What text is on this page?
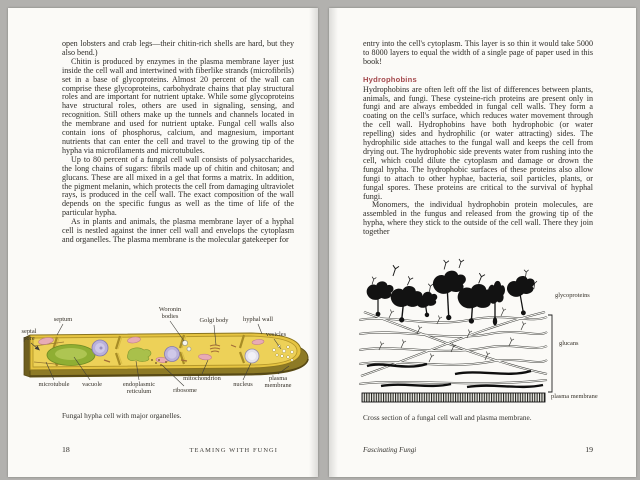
open lobsters and crab legs—their chitin-rich shells are hard, but they also bend.)

Chitin is produced by enzymes in the plasma membrane layer just inside the cell wall and intertwined with fiberlike strands (microfibrils) set in a base of glycoproteins. Almost 20 percent of the wall can comprise these glycoproteins, carbohydrate chains that play structural roles and are important for nutrient uptake. While some glycoproteins have structural roles, others are used in signaling, sensing, and recognition. Still others make up the tunnels and channels located in the membrane and used for nutrient uptake. Fungal cell walls also contain ions of phosphorus, calcium, and magnesium, important nutrients that can enter the cell and travel to the growing tip of the hypha via microfilaments and microtubules.

Up to 80 percent of a fungal cell wall consists of polysaccharides, the long chains of sugars: fibrils made up of chitin and chitosan; and glucans. These are all mixed in a gel that forms a matrix. In addition, the pigment melanin, which protects the cell from damaging ultraviolet rays, is produced in the cell wall. The exact composition of the wall depends on the specific fungus as well as the time of life of the particular hypha.

As in plants and animals, the plasma membrane layer of a hyphal cell is nestled against the inner cell wall and envelops the cytoplasm and organelles. The plasma membrane is the molecular gatekeeper for

septal pore
septum
Woronin bodies
Golgi body	hyphal wall
vesicles
microtubule	vacuole	endoplasmic reticulum	ribosome
mitochondrion
nucleus
plasma membrane
Fungal hypha cell with major organelles.
18	TEAMING WITH FUNGI

entry into the cell's cytoplasm. This layer is so thin it would take 5000 to 8000 layers to equal the width of a single page of paper used in this book!

Hydrophobins

Hydrophobins are often left off the list of differences between plants, animals, and fungi. These cysteine-rich proteins are present only in fungi and are always embedded in fungal cell walls. They form a coating on the cell's surface, which reduces water movement through the cell wall. Hydrophobins have both hydrophobic (or water repelling) sides and hydrophilic (or water attracting) sides. The hydrophilic side attaches to the fungal wall and keeps the cell from drying out. The hydrophobic side prevents water from rushing into the cell, which could dilute the cytoplasm and damage or drown the fungal hypha. The hydrophobic surfaces of these proteins also allow fungi to attach to other hyphae, bacteria, soil particles, plants, or fungal spores. These proteins are critical to the survival of hyphal fungi.

Monomers, the individual hydrophobin protein molecules, are assembled in the fungus and released from the growing tip of the hypha, where they stick to the outside of the cell wall. There they join together

glycoproteins
glucans
plasma membrane
Cross section of a fungal cell wall and plasma membrane.
Fascinating Fungi	19
